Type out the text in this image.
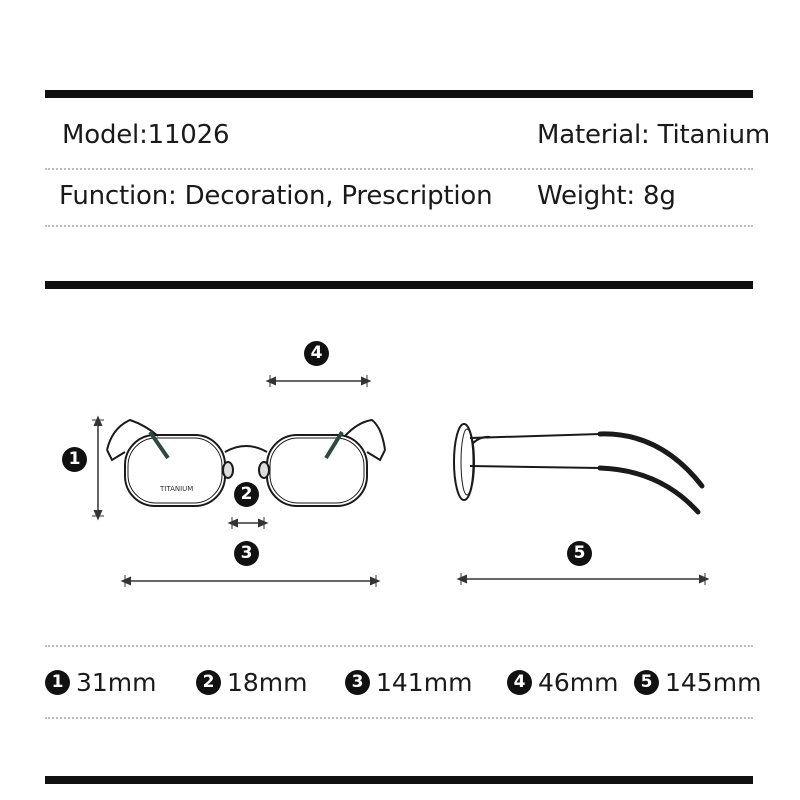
Model:11026	Material: Titanium
Function: Decoration, Prescription Weight: 8g
TITANIUM
1
2
3
4
5
1 31mm	2 18mm	3 141mm	4 46mm	5 145mm
